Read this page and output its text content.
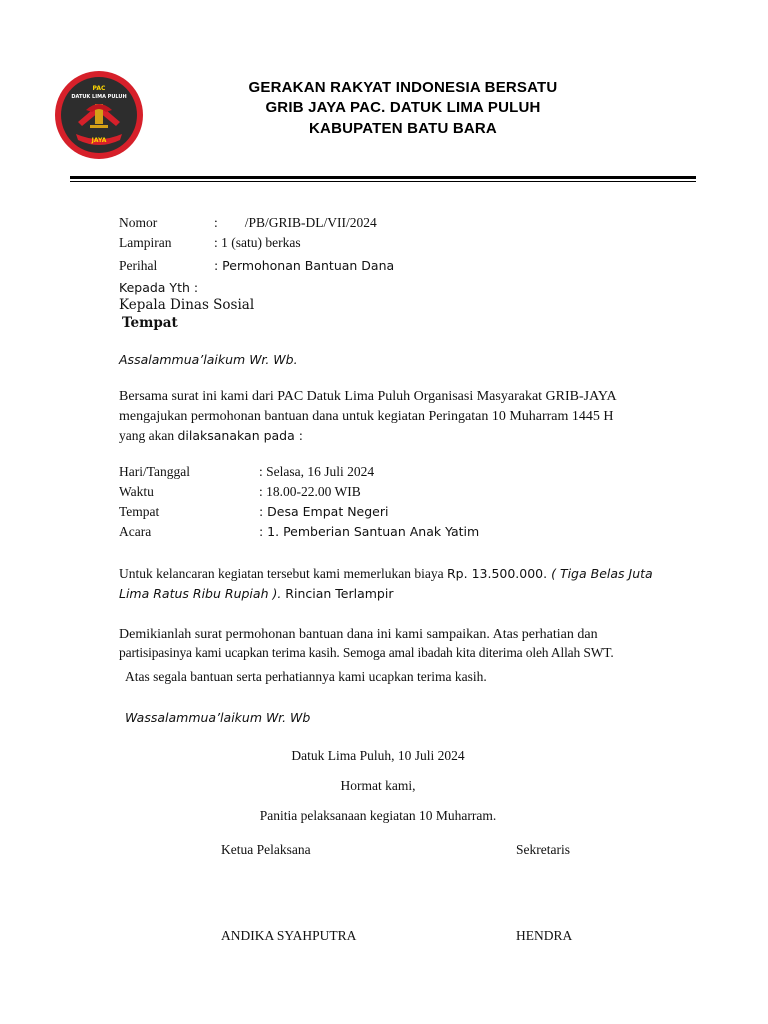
PAC
DATUK LIMA PULUH
JAYA
GERAKAN RAKYAT INDONESIA BERSATU
GRIB JAYA PAC. DATUK LIMA PULUH
KABUPATEN BATU BARA
Nomor	:        /PB/GRIB-DL/VII/2024
Lampiran	: 1 (satu) berkas
Perihal	: Permohonan Bantuan Dana
Kepada Yth :
Kepala Dinas Sosial
Tempat
Assalammua’laikum Wr. Wb.
Bersama surat ini kami dari PAC Datuk Lima Puluh Organisasi Masyarakat GRIB-JAYA
mengajukan permohonan bantuan dana untuk kegiatan Peringatan 10 Muharram 1445 H
yang akan dilaksanakan pada :
Hari/Tanggal	: Selasa, 16 Juli 2024
Waktu	: 18.00-22.00 WIB
Tempat	: Desa Empat Negeri
Acara	: 1. Pemberian Santuan Anak Yatim
Untuk kelancaran kegiatan tersebut kami memerlukan biaya Rp. 13.500.000. ( Tiga Belas Juta
Lima Ratus Ribu Rupiah ). Rincian Terlampir
Demikianlah surat permohonan bantuan dana ini kami sampaikan. Atas perhatian dan
partisipasinya kami ucapkan terima kasih. Semoga amal ibadah kita diterima oleh Allah SWT.
Atas segala bantuan serta perhatiannya kami ucapkan terima kasih.
Wassalammua’laikum Wr. Wb
Datuk Lima Puluh, 10 Juli 2024
Hormat kami,
Panitia pelaksanaan kegiatan 10 Muharram.
Ketua Pelaksana	Sekretaris
ANDIKA SYAHPUTRA	HENDRA
